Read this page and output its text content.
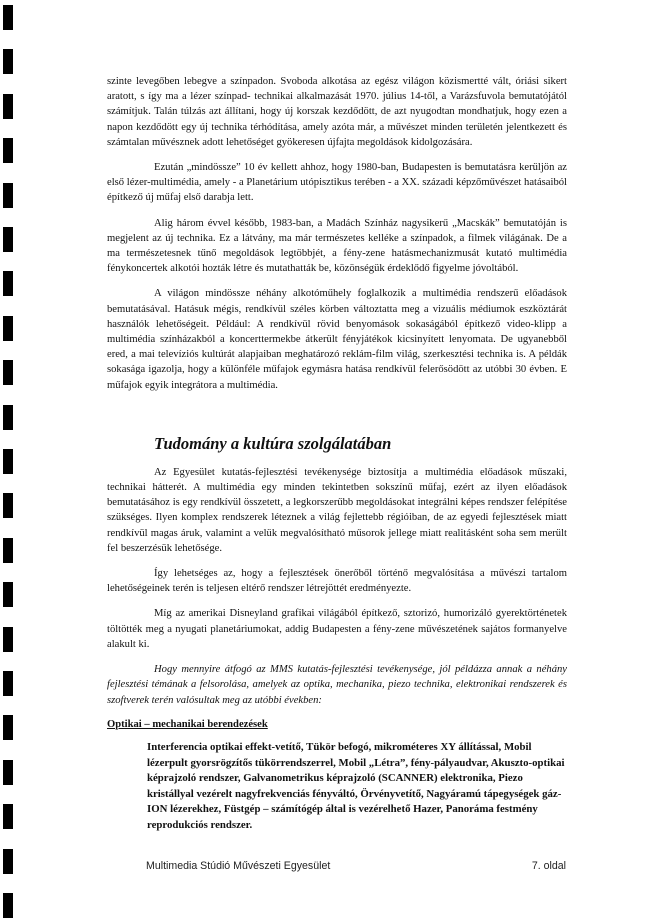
szinte levegőben lebegve a színpadon. Svoboda alkotása az egész világon közismertté vált, óriási sikert aratott, s így ma a lézer színpad- technikai alkalmazását 1970. július 14-től, a Varázsfuvola bemutatójától számítjuk. Talán túlzás azt állítani, hogy új korszak kezdődött, de azt nyugodtan mondhatjuk, hogy ezen a napon kezdődött egy új technika térhódítása, amely azóta már, a művészet minden területén jelentkezett és számtalan művésznek adott lehetőséget gyökeresen újfajta megoldások kidolgozására.

Ezután „mindössze” 10 év kellett ahhoz, hogy 1980-ban, Budapesten is bemutatásra kerüljön az első lézer-multimédia, amely - a Planetárium utópisztikus terében - a XX. századi képzőművészet hatásaiból építkező új műfaj első darabja lett.

Alig három évvel később, 1983-ban, a Madách Színház nagysikerű „Macskák” bemutatóján is megjelent az új technika. Ez a látvány, ma már természetes kelléke a színpadok, a filmek világának. De a ma természetesnek tűnő megoldások legtöbbjét, a fény-zene hatásmechanizmusát kutató multimédia fénykoncertek alkotói hozták létre és mutathatták be, közönségük érdeklődő figyelme jóvoltából.

A világon mindössze néhány alkotóműhely foglalkozik a multimédia rendszerű előadások bemutatásával. Hatásuk mégis, rendkívül széles körben változtatta meg a vizuális médiumok eszköztárát használók lehetőségeit. Például: A rendkívül rövid benyomások sokaságából építkező video-klipp a multimédia színházakból a koncerttermekbe átkerült fényjátékok kicsinyített lenyomata. De ugyanebből ered, a mai televíziós kultúrát alapjaiban meghatározó reklám-film világ, szerkesztési technika is. A példák sokasága igazolja, hogy a különféle műfajok egymásra hatása rendkívül felerősödött az utóbbi 30 évben. E műfajok egyik integrátora a multimédia.

Tudomány a kultúra szolgálatában

Az Egyesület kutatás-fejlesztési tevékenysége biztosítja a multimédia előadások műszaki, technikai hátterét. A multimédia egy minden tekintetben sokszínű műfaj, ezért az ilyen előadások bemutatásához is egy rendkívül összetett, a legkorszerűbb megoldásokat integrálni képes rendszer felépítése szükséges. Ilyen komplex rendszerek léteznek a világ fejlettebb régióiban, de az egyedi fejlesztések miatt rendkívül magas áruk, valamint a velük megvalósítható műsorok jellege miatt realitásként soha sem merült fel beszerzésük lehetősége.

Így lehetséges az, hogy a fejlesztések önerőből történő megvalósítása a művészi tartalom lehetőségeinek terén is teljesen eltérő rendszer létrejöttét eredményezte.

Míg az amerikai Disneyland grafikai világából építkező, sztorizó, humorizáló gyerektörténetek töltötték meg a nyugati planetáriumokat, addig Budapesten a fény-zene művészetének sajátos formanyelve alakult ki.

Hogy mennyire átfogó az MMS kutatás-fejlesztési tevékenysége, jól példázza annak a néhány fejlesztési témának a felsorolása, amelyek az optika, mechanika, piezo technika, elektronikai rendszerek és szoftverek terén valósultak meg az utóbbi években:

Optikai – mechanikai berendezések

Interferencia optikai effekt-vetítő, Tükör befogó, mikrométeres XY állítással, Mobil lézerpult gyorsrögzítős tükörrendszerrel, Mobil „Létra”, fény-pályaudvar, Akuszto-optikai képrajzoló rendszer, Galvanometrikus képrajzoló (SCANNER) elektronika, Piezo kristállyal vezérelt nagyfrekvenciás fényváltó, Örvényvetítő, Nagyáramú tápegységek gáz-ION lézerekhez, Füstgép – számítógép által is vezérelhető Hazer, Panoráma festmény reprodukciós rendszer.

Multimedia Stúdió Művészeti Egyesület	7. oldal
